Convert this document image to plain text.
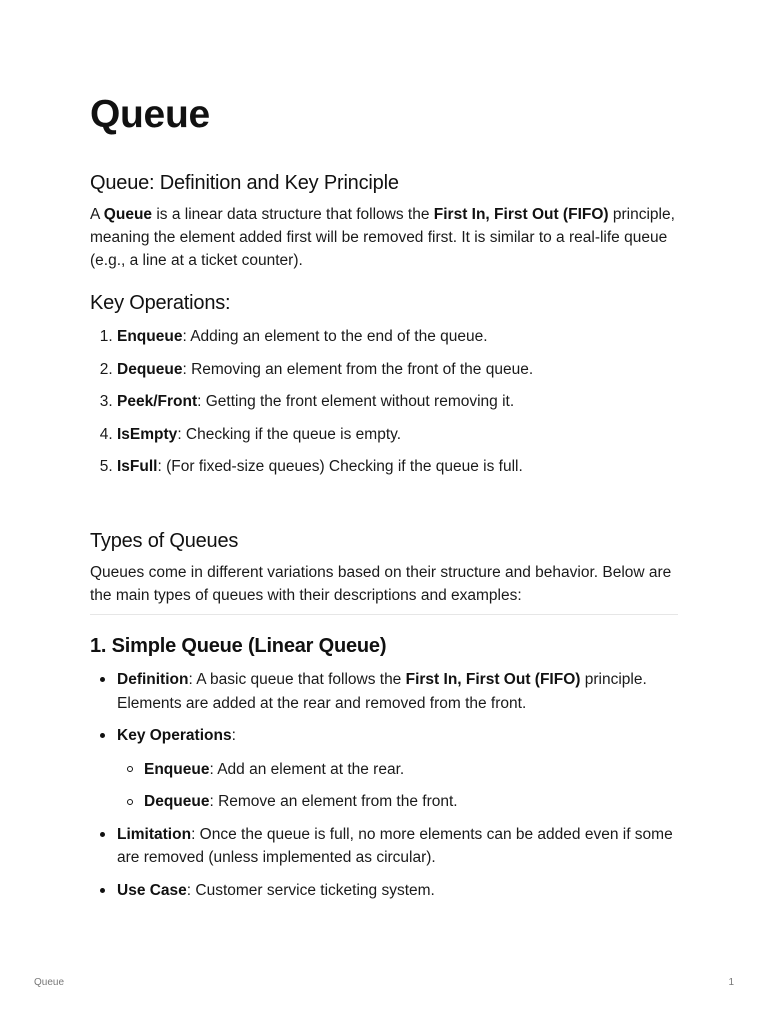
Queue
Queue: Definition and Key Principle

A Queue is a linear data structure that follows the First In, First Out (FIFO) principle, meaning the element added first will be removed first. It is similar to a real-life queue (e.g., a line at a ticket counter).

Key Operations:
1. Enqueue: Adding an element to the end of the queue.
2. Dequeue: Removing an element from the front of the queue.
3. Peek/Front: Getting the front element without removing it.
4. IsEmpty: Checking if the queue is empty.
5. IsFull: (For fixed-size queues) Checking if the queue is full.
Types of Queues

Queues come in different variations based on their structure and behavior. Below are the main types of queues with their descriptions and examples:

1. Simple Queue (Linear Queue)
Definition: A basic queue that follows the First In, First Out (FIFO) principle. Elements are added at the rear and removed from the front.
Key Operations:
Enqueue: Add an element at the rear.
Dequeue: Remove an element from the front.
Limitation: Once the queue is full, no more elements can be added even if some are removed (unless implemented as circular).
Use Case: Customer service ticketing system.
Queue	1
